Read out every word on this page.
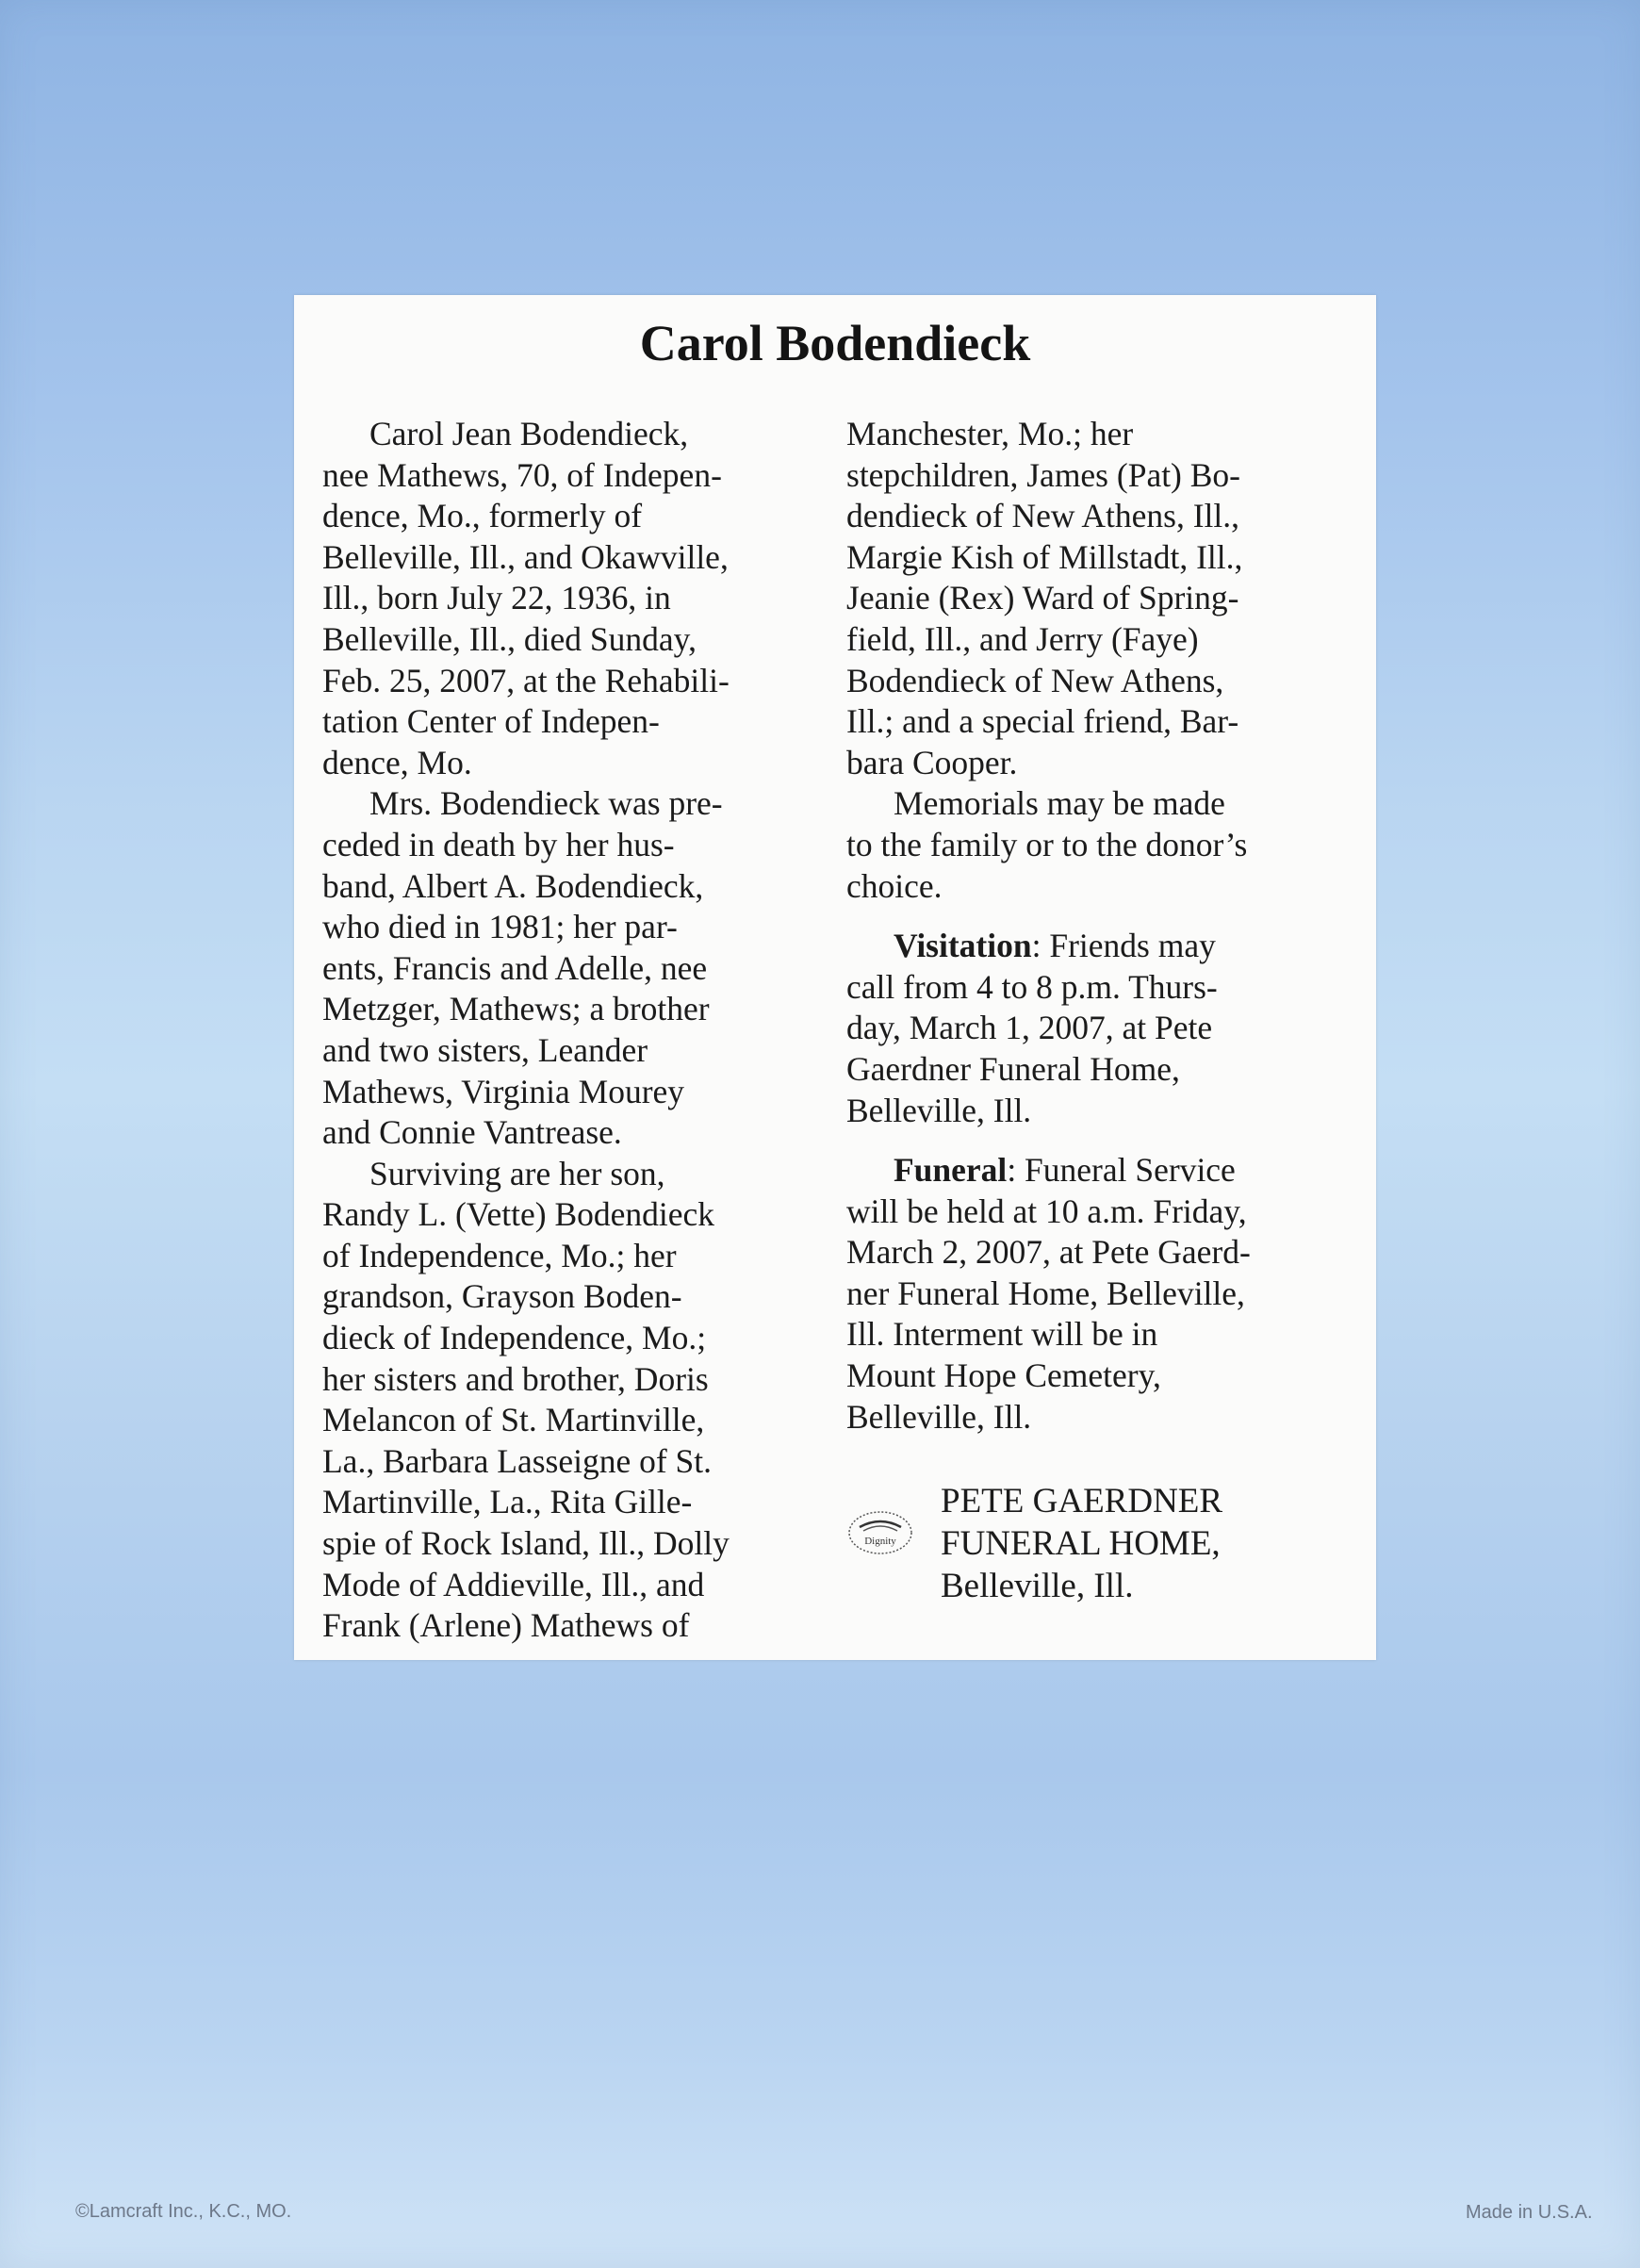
Carol Bodendieck
Carol Jean Bodendieck,
nee Mathews, 70, of Indepen-
dence, Mo., formerly of
Belleville, Ill., and Okawville,
Ill., born July 22, 1936, in
Belleville, Ill., died Sunday,
Feb. 25, 2007, at the Rehabili-
tation Center of Indepen-
dence, Mo.
Mrs. Bodendieck was pre-
ceded in death by her hus-
band, Albert A. Bodendieck,
who died in 1981; her par-
ents, Francis and Adelle, nee
Metzger, Mathews; a brother
and two sisters, Leander
Mathews, Virginia Mourey
and Connie Vantrease.
Surviving are her son,
Randy L. (Vette) Bodendieck
of Independence, Mo.; her
grandson, Grayson Boden-
dieck of Independence, Mo.;
her sisters and brother, Doris
Melancon of St. Martinville,
La., Barbara Lasseigne of St.
Martinville, La., Rita Gille-
spie of Rock Island, Ill., Dolly
Mode of Addieville, Ill., and
Frank (Arlene) Mathews of
Manchester, Mo.; her
stepchildren, James (Pat) Bo-
dendieck of New Athens, Ill.,
Margie Kish of Millstadt, Ill.,
Jeanie (Rex) Ward of Spring-
field, Ill., and Jerry (Faye)
Bodendieck of New Athens,
Ill.; and a special friend, Bar-
bara Cooper.
Memorials may be made
to the family or to the donor’s
choice.
Visitation: Friends may
call from 4 to 8 p.m. Thurs-
day, March 1, 2007, at Pete
Gaerdner Funeral Home,
Belleville, Ill.
Funeral: Funeral Service
will be held at 10 a.m. Friday,
March 2, 2007, at Pete Gaerd-
ner Funeral Home, Belleville,
Ill. Interment will be in
Mount Hope Cemetery,
Belleville, Ill.
Dignity
PETE GAERDNER
FUNERAL HOME,
Belleville, Ill.
©Lamcraft Inc., K.C., MO.	Made in U.S.A.
